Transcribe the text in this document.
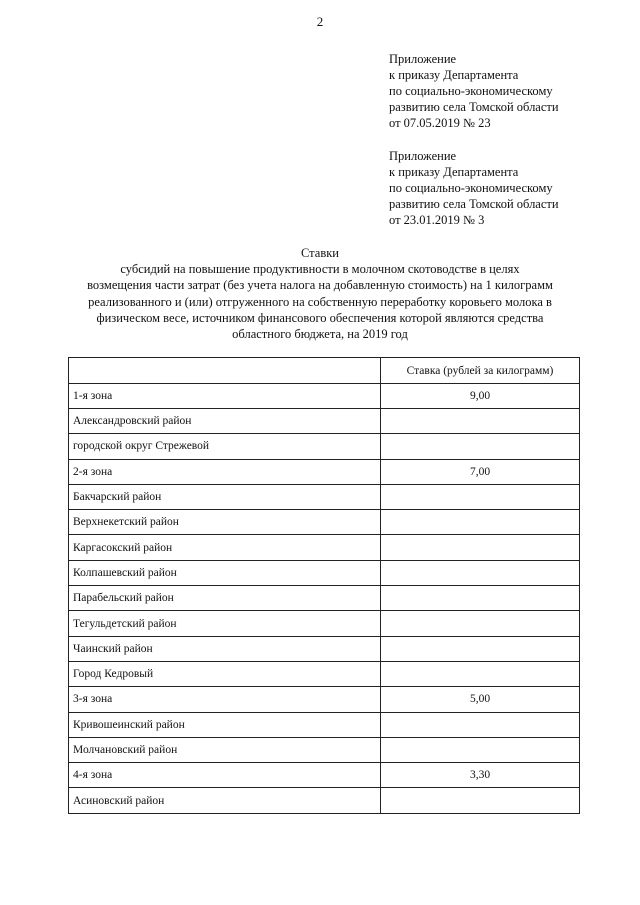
2
Приложение
к приказу Департамента
по социально-экономическому
развитию села Томской области
от 07.05.2019 № 23
Приложение
к приказу Департамента
по социально-экономическому
развитию села Томской области
от 23.01.2019 № 3
Ставки
субсидий на повышение продуктивности в молочном скотоводстве в целях
возмещения части затрат (без учета налога на добавленную стоимость) на 1 килограмм
реализованного и (или) отгруженного на собственную переработку коровьего молока в
физическом весе, источником финансового обеспечения которой являются средства
областного бюджета, на 2019 год
	Ставка (рублей за килограмм)
1-я зона	9,00
Александровский район	
городской округ Стрежевой	
2-я зона	7,00
Бакчарский район	
Верхнекетский район	
Каргасокский район	
Колпашевский район	
Парабельский район	
Тегульдетский район	
Чаинский район	
Город Кедровый	
3-я зона	5,00
Кривошеинский район	
Молчановский район	
4-я зона	3,30
Асиновский район	
